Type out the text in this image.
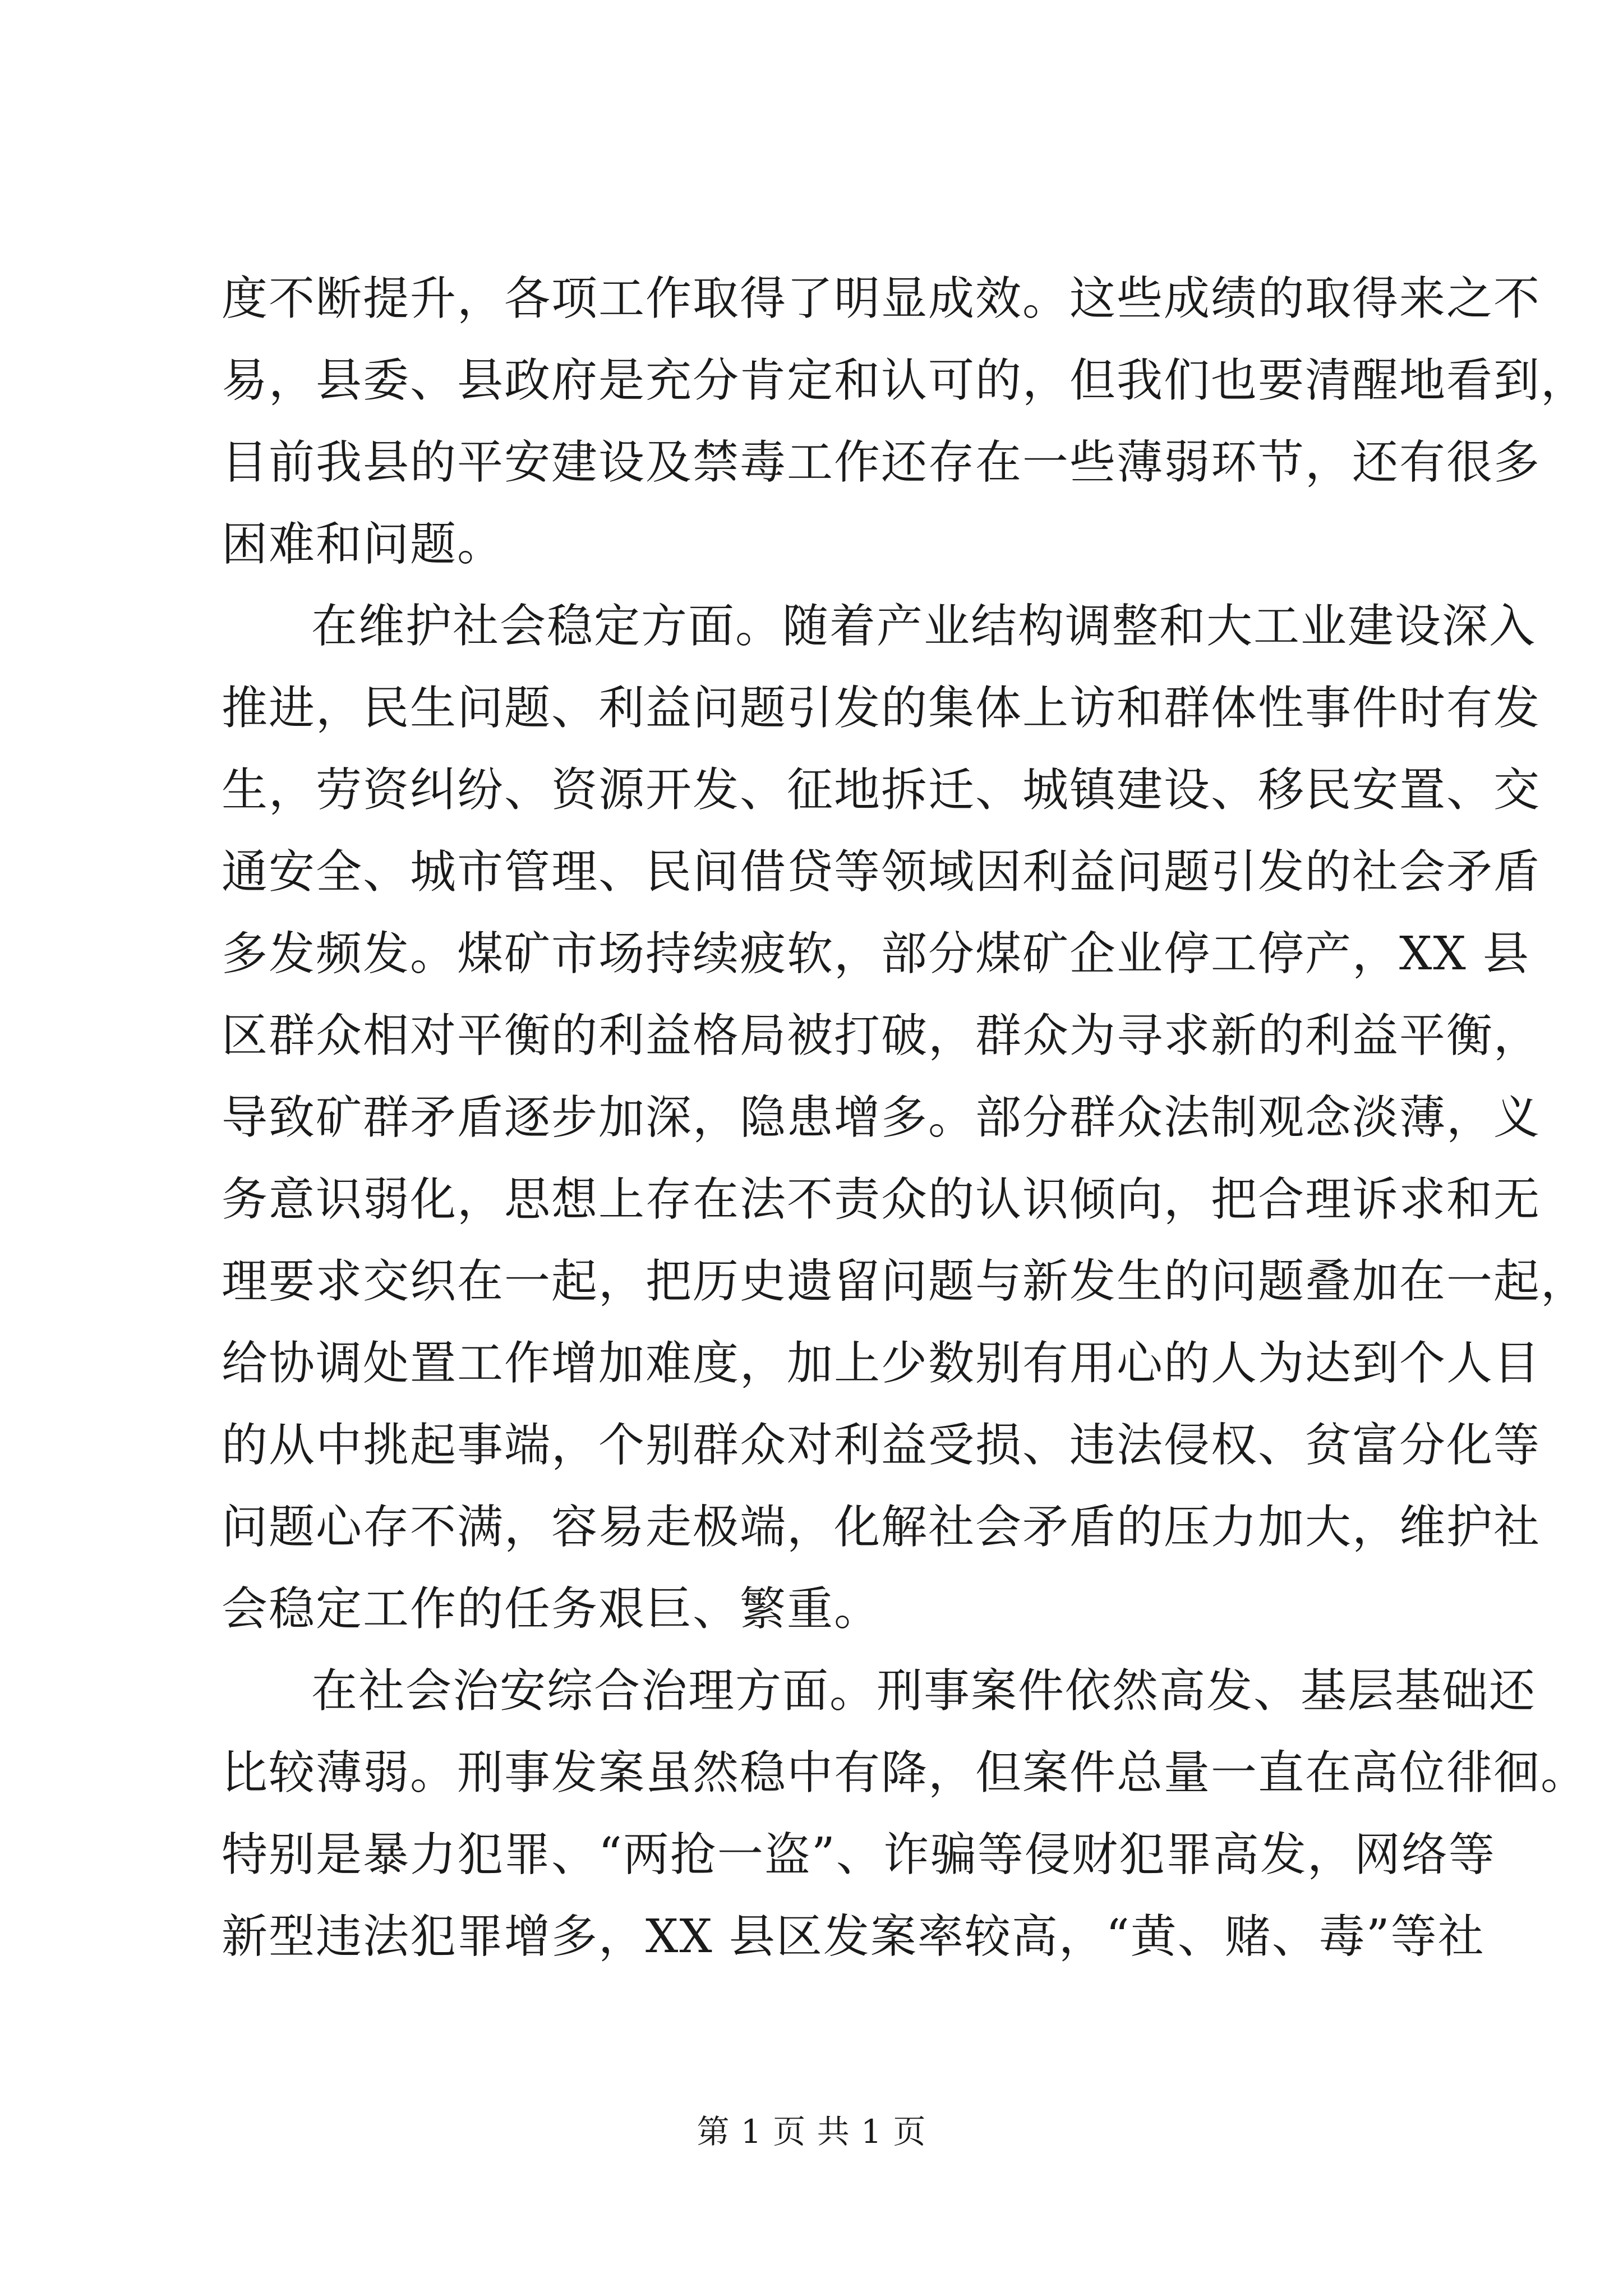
度不断提升，各项工作取得了明显成效。这些成绩的取得来之不
易，县委、县政府是充分肯定和认可的，但我们也要清醒地看到，
目前我县的平安建设及禁毒工作还存在一些薄弱环节，还有很多
困难和问题。
在维护社会稳定方面。随着产业结构调整和大工业建设深入
推进，民生问题、利益问题引发的集体上访和群体性事件时有发
生，劳资纠纷、资源开发、征地拆迁、城镇建设、移民安置、交
通安全、城市管理、民间借贷等领域因利益问题引发的社会矛盾
多发频发。煤矿市场持续疲软，部分煤矿企业停工停产，XX 县
区群众相对平衡的利益格局被打破，群众为寻求新的利益平衡，
导致矿群矛盾逐步加深，隐患增多。部分群众法制观念淡薄，义
务意识弱化，思想上存在法不责众的认识倾向，把合理诉求和无
理要求交织在一起，把历史遗留问题与新发生的问题叠加在一起，
给协调处置工作增加难度，加上少数别有用心的人为达到个人目
的从中挑起事端，个别群众对利益受损、违法侵权、贫富分化等
问题心存不满，容易走极端，化解社会矛盾的压力加大，维护社
会稳定工作的任务艰巨、繁重。
在社会治安综合治理方面。刑事案件依然高发、基层基础还
比较薄弱。刑事发案虽然稳中有降，但案件总量一直在高位徘徊。
特别是暴力犯罪、“两抢一盗”、诈骗等侵财犯罪高发，网络等
新型违法犯罪增多，XX 县区发案率较高，“黄、赌、毒”等社
第 1 页 共 1 页
